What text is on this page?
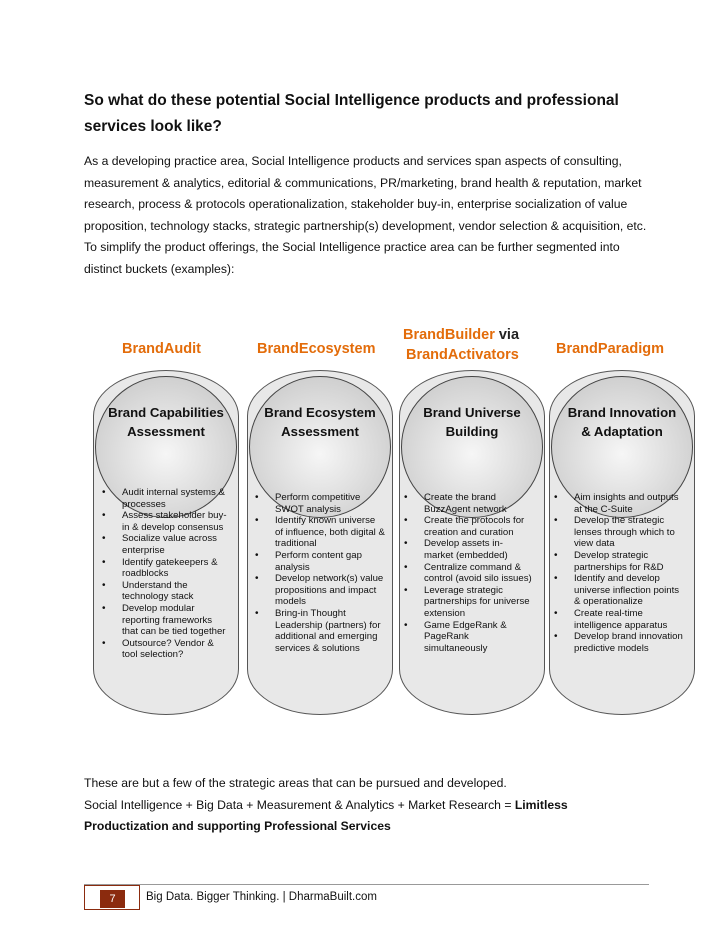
So what do these potential Social Intelligence products and professional services look like?
As a developing practice area, Social Intelligence products and services span aspects of consulting, measurement & analytics, editorial & communications, PR/marketing, brand health & reputation, market research, process & protocols operationalization, stakeholder buy-in, enterprise socialization of value proposition, technology stacks, strategic partnership(s) development, vendor selection & acquisition, etc. To simplify the product offerings, the Social Intelligence practice area can be further segmented into distinct buckets (examples):
BrandAudit
Brand Capabilities Assessment
• Audit internal systems & processes
• Assess stakeholder buy-in & develop consensus
• Socialize value across enterprise
• Identify gatekeepers & roadblocks
• Understand the technology stack
• Develop modular reporting frameworks that can be tied together
• Outsource? Vendor & tool selection?
BrandEcosystem
Brand Ecosystem Assessment
• Perform competitive SWOT analysis
• Identify known universe of influence, both digital & traditional
• Perform content gap analysis
• Develop network(s) value propositions and impact models
• Bring-in Thought Leadership (partners) for additional and emerging services & solutions
BrandBuilder via
BrandActivators
Brand Universe Building
• Create the brand BuzzAgent network
• Create the protocols for creation and curation
• Develop assets in-market (embedded)
• Centralize command & control (avoid silo issues)
• Leverage strategic partnerships for universe extension
• Game EdgeRank & PageRank simultaneously
BrandParadigm
Brand Innovation & Adaptation
• Aim insights and outputs at the C-Suite
• Develop the strategic lenses through which to view data
• Develop strategic partnerships for R&D
• Identify and develop universe inflection points & operationalize
• Create real-time intelligence apparatus
• Develop brand innovation predictive models
These are but a few of the strategic areas that can be pursued and developed.
Social Intelligence + Big Data + Measurement & Analytics + Market Research = Limitless Productization and supporting Professional Services
7	Big Data. Bigger Thinking. | DharmaBuilt.com
